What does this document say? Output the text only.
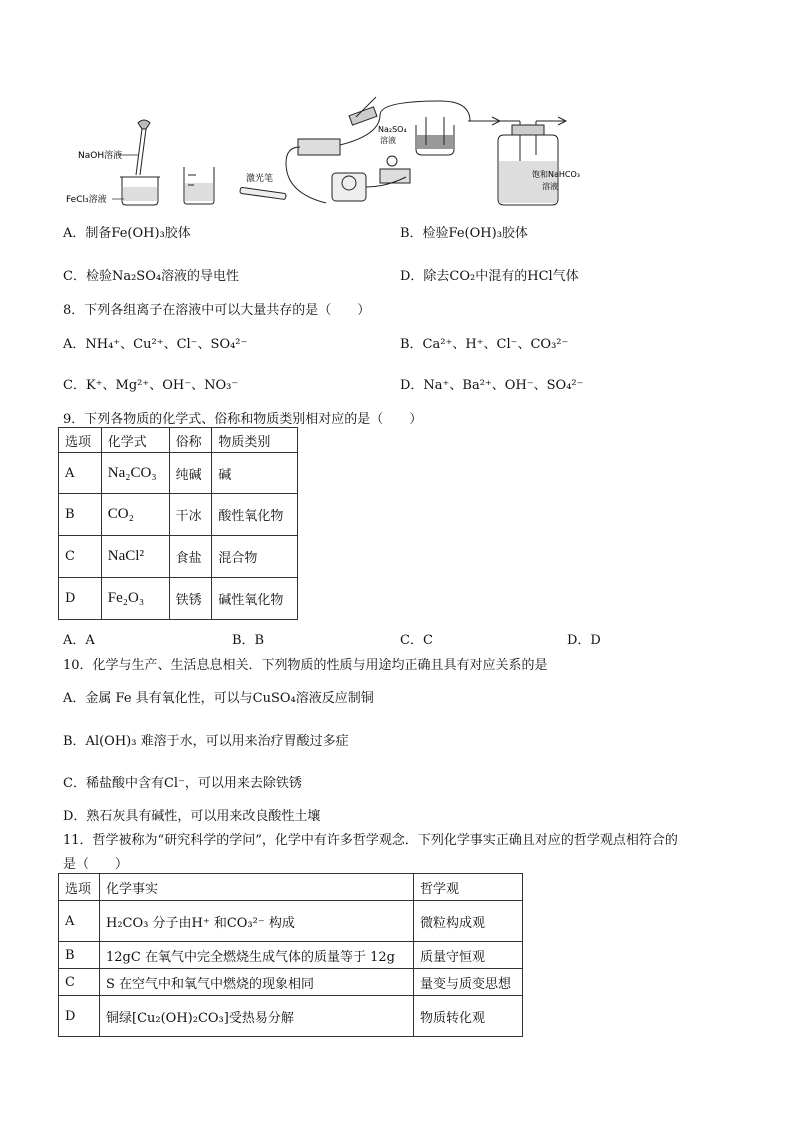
NaOH溶液
FeCl₃溶液
激光笔
Na₂SO₄
溶液
饱和NaHCO₃
溶液
A．制备Fe(OH)₃胶体	B．检验Fe(OH)₃胶体
C．检验Na₂SO₄溶液的导电性	D．除去CO₂中混有的HCl气体
8．下列各组离子在溶液中可以大量共存的是（　　）
A．NH₄⁺、Cu²⁺、Cl⁻、SO₄²⁻	B．Ca²⁺、H⁺、Cl⁻、CO₃²⁻
C．K⁺、Mg²⁺、OH⁻、NO₃⁻	D．Na⁺、Ba²⁺、OH⁻、SO₄²⁻
9．下列各物质的化学式、俗称和物质类别相对应的是（　　）
选项	化学式	俗称	物质类别
A	Na₂CO₃	纯碱	碱
B	CO₂	干冰	酸性氧化物
C	NaCl²	食盐	混合物
D	Fe₂O₃	铁锈	碱性氧化物
A．A	B．B	C．C	D．D
10．化学与生产、生活息息相关．下列物质的性质与用途均正确且具有对应关系的是
A．金属 Fe 具有氧化性，可以与CuSO₄溶液反应制铜
B．Al(OH)₃ 难溶于水，可以用来治疗胃酸过多症
C．稀盐酸中含有Cl⁻，可以用来去除铁锈
D．熟石灰具有碱性，可以用来改良酸性土壤
11．哲学被称为“研究科学的学问”，化学中有许多哲学观念．下列化学事实正确且对应的哲学观点相符合的
是（　　）
选项	化学事实	哲学观
A	H₂CO₃ 分子由H⁺ 和CO₃²⁻ 构成	微粒构成观
B	12gC 在氧气中完全燃烧生成气体的质量等于 12g	质量守恒观
C	S 在空气中和氧气中燃烧的现象相同	量变与质变思想
D	铜绿[Cu₂(OH)₂CO₃]受热易分解	物质转化观
